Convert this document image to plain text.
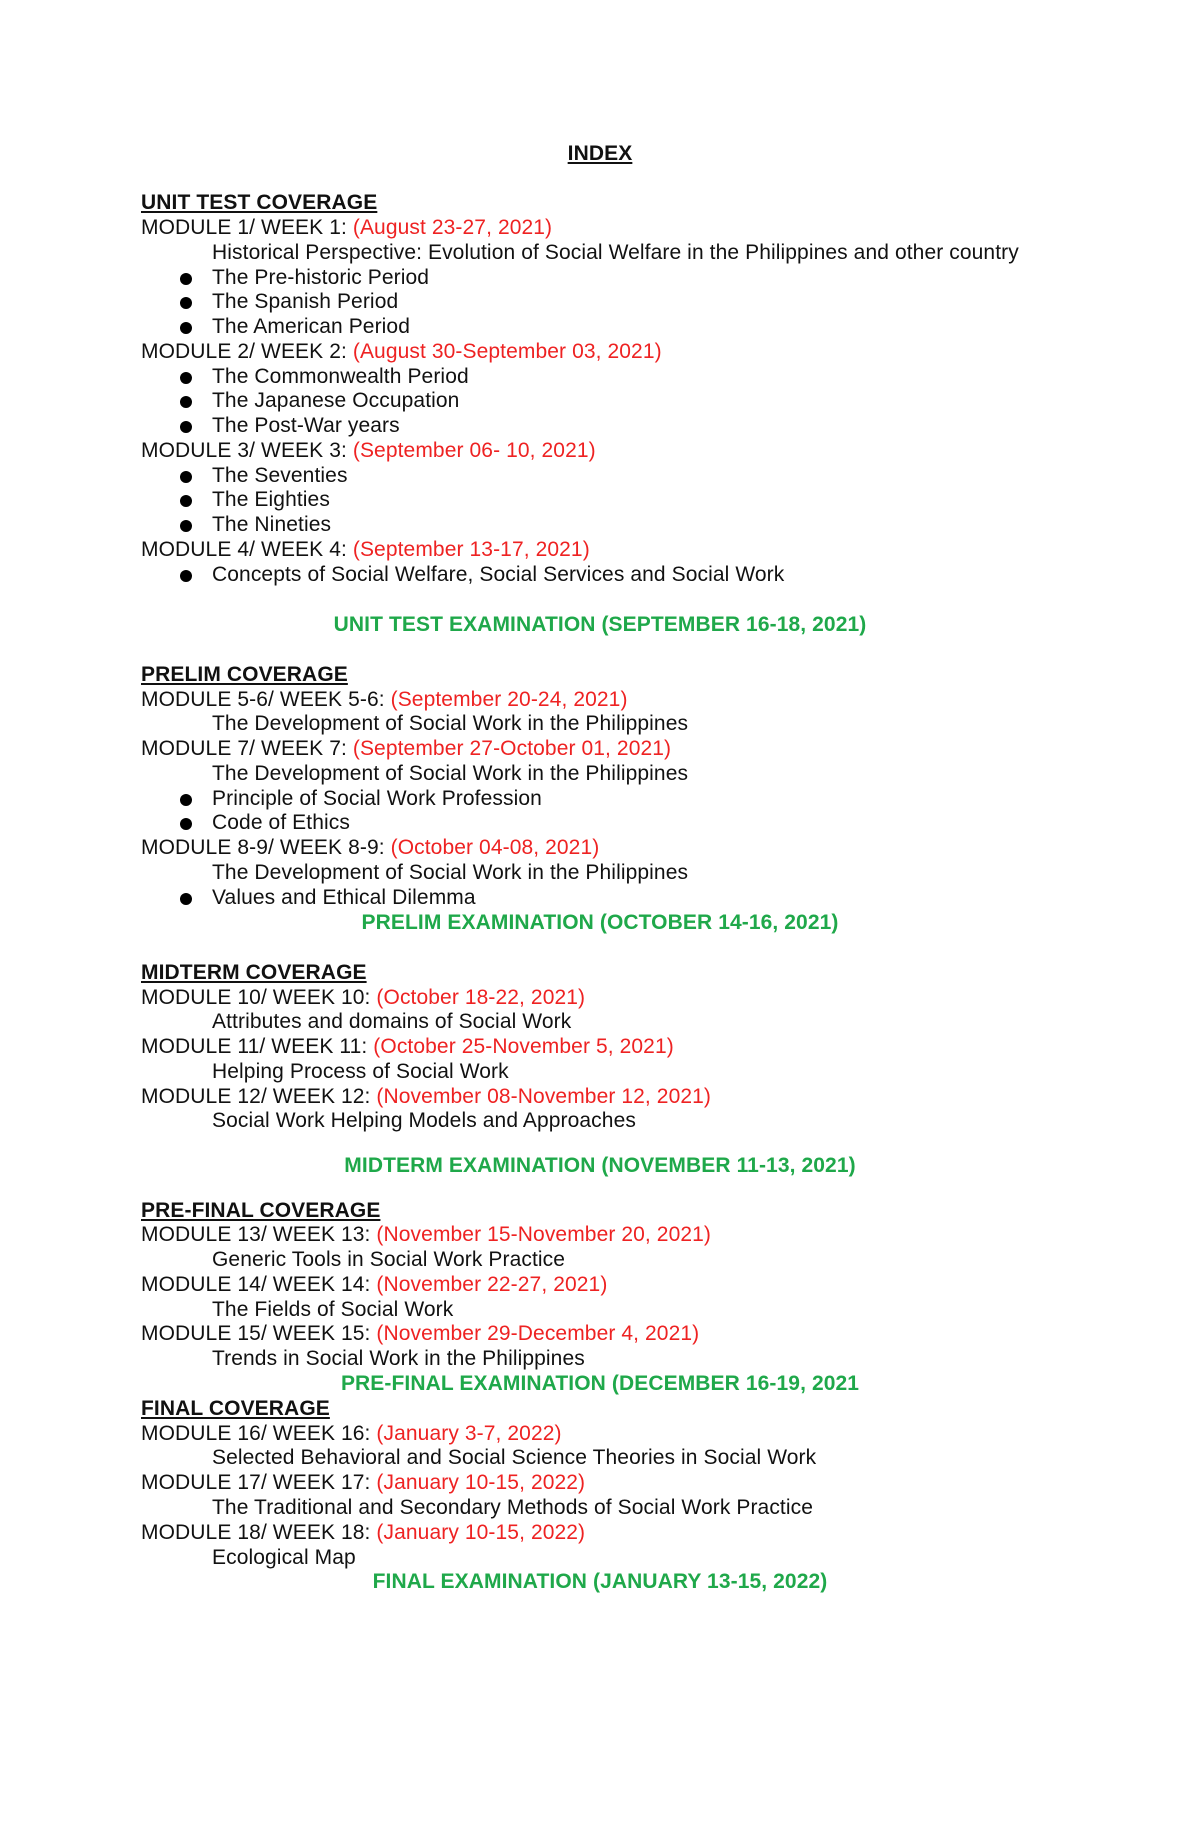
INDEX
UNIT TEST COVERAGE
MODULE 1/ WEEK 1: (August 23-27, 2021)
Historical Perspective: Evolution of Social Welfare in the Philippines and other country
The Pre-historic Period
The Spanish Period
The American Period
MODULE 2/ WEEK 2: (August 30-September 03, 2021)
The Commonwealth Period
The Japanese Occupation
The Post-War years
MODULE 3/ WEEK 3: (September 06- 10, 2021)
The Seventies
The Eighties
The Nineties
MODULE 4/ WEEK 4: (September 13-17, 2021)
Concepts of Social Welfare, Social Services and Social Work
UNIT TEST EXAMINATION (SEPTEMBER 16-18, 2021)
PRELIM COVERAGE
MODULE 5-6/ WEEK 5-6: (September 20-24, 2021)
The Development of Social Work in the Philippines
MODULE 7/ WEEK 7: (September 27-October 01, 2021)
The Development of Social Work in the Philippines
Principle of Social Work Profession
Code of Ethics
MODULE 8-9/ WEEK 8-9: (October 04-08, 2021)
The Development of Social Work in the Philippines
Values and Ethical Dilemma
PRELIM EXAMINATION (OCTOBER 14-16, 2021)
MIDTERM COVERAGE
MODULE 10/ WEEK 10: (October 18-22, 2021)
Attributes and domains of Social Work
MODULE 11/ WEEK 11: (October 25-November 5, 2021)
Helping Process of Social Work
MODULE 12/ WEEK 12: (November 08-November 12, 2021)
Social Work Helping Models and Approaches
MIDTERM EXAMINATION (NOVEMBER 11-13, 2021)
PRE-FINAL COVERAGE
MODULE 13/ WEEK 13: (November 15-November 20, 2021)
Generic Tools in Social Work Practice
MODULE 14/ WEEK 14: (November 22-27, 2021)
The Fields of Social Work
MODULE 15/ WEEK 15: (November 29-December 4, 2021)
Trends in Social Work in the Philippines
PRE-FINAL EXAMINATION (DECEMBER 16-19, 2021
FINAL COVERAGE
MODULE 16/ WEEK 16: (January 3-7, 2022)
Selected Behavioral and Social Science Theories in Social Work
MODULE 17/ WEEK 17: (January 10-15, 2022)
The Traditional and Secondary Methods of Social Work Practice
MODULE 18/ WEEK 18: (January 10-15, 2022)
Ecological Map
FINAL EXAMINATION (JANUARY 13-15, 2022)
